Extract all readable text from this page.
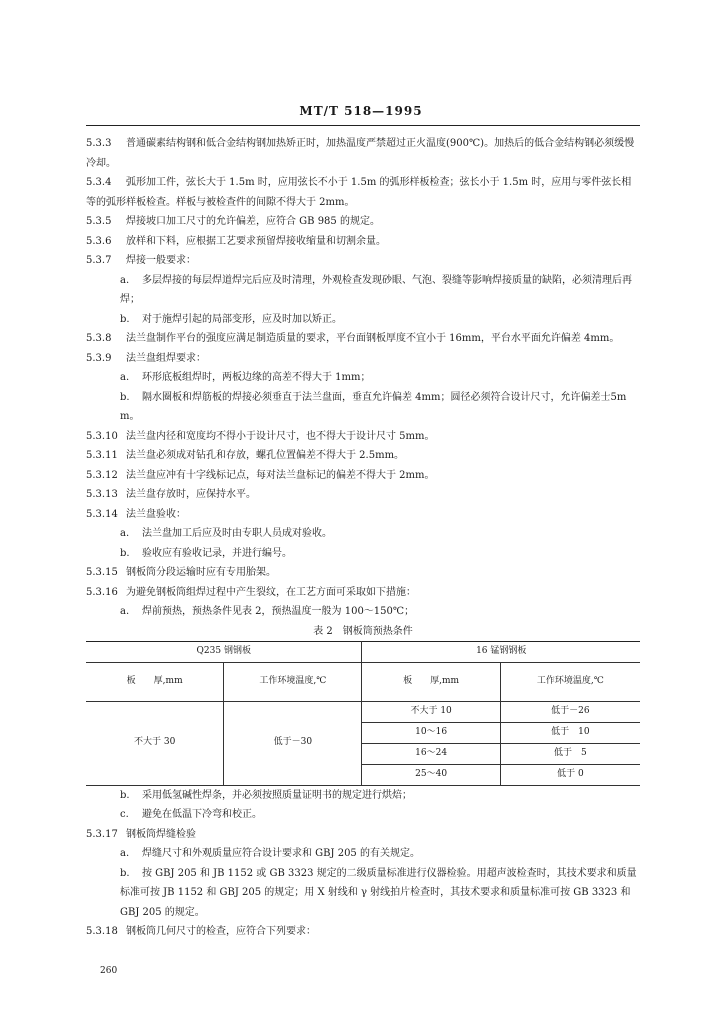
MT/T 518—1995

5.3.3 普通碳素结构钢和低合金结构钢加热矫正时，加热温度严禁超过正火温度(900℃)。加热后的低合金结构钢必须缓慢冷却。

5.3.4 弧形加工件，弦长大于 1.5m 时，应用弦长不小于 1.5m 的弧形样板检查；弦长小于 1.5m 时，应用与零件弦长相等的弧形样板检查。样板与被检查件的间隙不得大于 2mm。

5.3.5 焊接坡口加工尺寸的允许偏差，应符合 GB 985 的规定。

5.3.6 放样和下料，应根据工艺要求预留焊接收缩量和切割余量。

5.3.7 焊接一般要求：

a. 多层焊接的每层焊道焊完后应及时清理，外观检查发现砂眼、气泡、裂缝等影响焊接质量的缺陷，必须清理后再焊；

b. 对于施焊引起的局部变形，应及时加以矫正。

5.3.8 法兰盘制作平台的强度应满足制造质量的要求，平台面钢板厚度不宜小于 16mm，平台水平面允许偏差 4mm。

5.3.9 法兰盘组焊要求：

a. 环形底板组焊时，两板边缘的高差不得大于 1mm；

b. 隔水圈板和焊筋板的焊接必须垂直于法兰盘面，垂直允许偏差 4mm；圆径必须符合设计尺寸，允许偏差士5mm。

5.3.10 法兰盘内径和宽度均不得小于设计尺寸，也不得大于设计尺寸 5mm。

5.3.11 法兰盘必须成对钻孔和存放，螺孔位置偏差不得大于 2.5mm。

5.3.12 法兰盘应冲有十字线标记点，每对法兰盘标记的偏差不得大于 2mm。

5.3.13 法兰盘存放时，应保持水平。

5.3.14 法兰盘验收：

a. 法兰盘加工后应及时由专职人员成对验收。

b. 验收应有验收记录，并进行编号。

5.3.15 钢板筒分段运输时应有专用胎架。

5.3.16 为避免钢板筒组焊过程中产生裂纹，在工艺方面可采取如下措施：

a. 焊前预热，预热条件见表 2，预热温度一般为 100～150℃；

表 2　钢板筒预热条件

Q235 钢钢板		16 锰钢钢板	
板　　厚,mm	工作环境温度,℃	板　　厚,mm	工作环境温度,℃
不大于 30	低于－30	不大于 10	低于－26
		10～16	低于　10
		16～24	低于　5
		25～40	低于 0

b. 采用低氢碱性焊条，并必须按照质量证明书的规定进行烘焙；

c. 避免在低温下冷弯和校正。

5.3.17 钢板筒焊缝检验

a. 焊缝尺寸和外观质量应符合设计要求和 GBJ 205 的有关规定。

b. 按 GBJ 205 和 JB 1152 或 GB 3323 规定的二级质量标准进行仪器检验。用超声波检查时，其技术要求和质量标准可按 JB 1152 和 GBJ 205 的规定；用 X 射线和 γ 射线拍片检查时，其技术要求和质量标准可按 GB 3323 和 GBJ 205 的规定。

5.3.18 钢板筒几何尺寸的检查，应符合下列要求：

260
